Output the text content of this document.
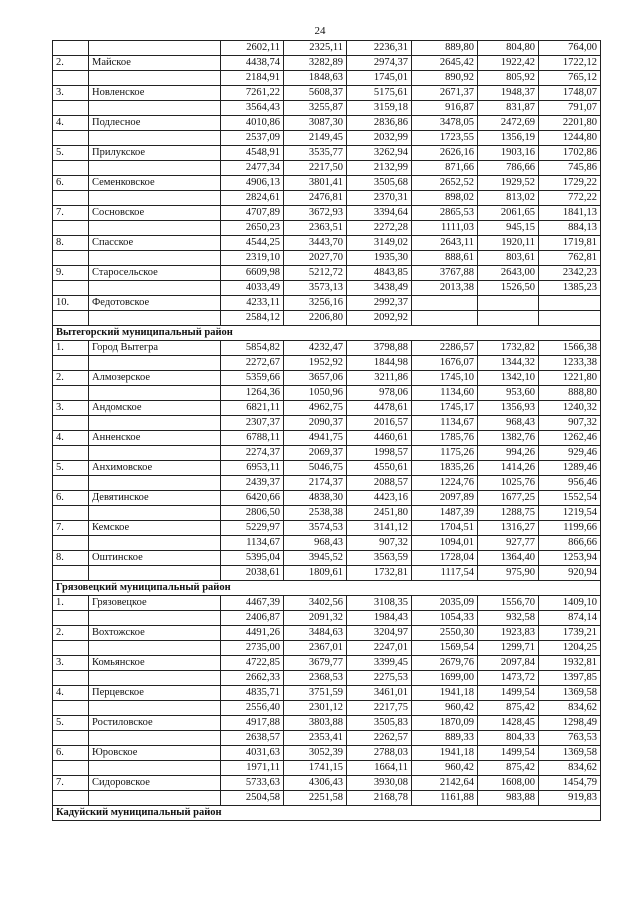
24
		2602,11	2325,11	2236,31	889,80	804,80	764,00
2.	Майское	4438,74	3282,89	2974,37	2645,42	1922,42	1722,12
		2184,91	1848,63	1745,01	890,92	805,92	765,12
3.	Новленское	7261,22	5608,37	5175,61	2671,37	1948,37	1748,07
		3564,43	3255,87	3159,18	916,87	831,87	791,07
4.	Подлесное	4010,86	3087,30	2836,86	3478,05	2472,69	2201,80
		2537,09	2149,45	2032,99	1723,55	1356,19	1244,80
5.	Прилукское	4548,91	3535,77	3262,94	2626,16	1903,16	1702,86
		2477,34	2217,50	2132,99	871,66	786,66	745,86
6.	Семенковское	4906,13	3801,41	3505,68	2652,52	1929,52	1729,22
		2824,61	2476,81	2370,31	898,02	813,02	772,22
7.	Сосновское	4707,89	3672,93	3394,64	2865,53	2061,65	1841,13
		2650,23	2363,51	2272,28	1111,03	945,15	884,13
8.	Спасское	4544,25	3443,70	3149,02	2643,11	1920,11	1719,81
		2319,10	2027,70	1935,30	888,61	803,61	762,81
9.	Старосельское	6609,98	5212,72	4843,85	3767,88	2643,00	2342,23
		4033,49	3573,13	3438,49	2013,38	1526,50	1385,23
10.	Федотовское	4233,11	3256,16	2992,37			
		2584,12	2206,80	2092,92			
Вытегорский муниципальный район							
1.	Город Вытегра	5854,82	4232,47	3798,88	2286,57	1732,82	1566,38
		2272,67	1952,92	1844,98	1676,07	1344,32	1233,38
2.	Алмозерское	5359,66	3657,06	3211,86	1745,10	1342,10	1221,80
		1264,36	1050,96	978,06	1134,60	953,60	888,80
3.	Андомское	6821,11	4962,75	4478,61	1745,17	1356,93	1240,32
		2307,37	2090,37	2016,57	1134,67	968,43	907,32
4.	Анненское	6788,11	4941,75	4460,61	1785,76	1382,76	1262,46
		2274,37	2069,37	1998,57	1175,26	994,26	929,46
5.	Анхимовское	6953,11	5046,75	4550,61	1835,26	1414,26	1289,46
		2439,37	2174,37	2088,57	1224,76	1025,76	956,46
6.	Девятинское	6420,66	4838,30	4423,16	2097,89	1677,25	1552,54
		2806,50	2538,38	2451,80	1487,39	1288,75	1219,54
7.	Кемское	5229,97	3574,53	3141,12	1704,51	1316,27	1199,66
		1134,67	968,43	907,32	1094,01	927,77	866,66
8.	Оштинское	5395,04	3945,52	3563,59	1728,04	1364,40	1253,94
		2038,61	1809,61	1732,81	1117,54	975,90	920,94
Грязовецкий муниципальный район							
1.	Грязовецкое	4467,39	3402,56	3108,35	2035,09	1556,70	1409,10
		2406,87	2091,32	1984,43	1054,33	932,58	874,14
2.	Вохтожское	4491,26	3484,63	3204,97	2550,30	1923,83	1739,21
		2735,00	2367,01	2247,01	1569,54	1299,71	1204,25
3.	Комьянское	4722,85	3679,77	3399,45	2679,76	2097,84	1932,81
		2662,33	2368,53	2275,53	1699,00	1473,72	1397,85
4.	Перцевское	4835,71	3751,59	3461,01	1941,18	1499,54	1369,58
		2556,40	2301,12	2217,75	960,42	875,42	834,62
5.	Ростиловское	4917,88	3803,88	3505,83	1870,09	1428,45	1298,49
		2638,57	2353,41	2262,57	889,33	804,33	763,53
6.	Юровское	4031,63	3052,39	2788,03	1941,18	1499,54	1369,58
		1971,11	1741,15	1664,11	960,42	875,42	834,62
7.	Сидоровское	5733,63	4306,43	3930,08	2142,64	1608,00	1454,79
		2504,58	2251,58	2168,78	1161,88	983,88	919,83
Кадуйский муниципальный район							
